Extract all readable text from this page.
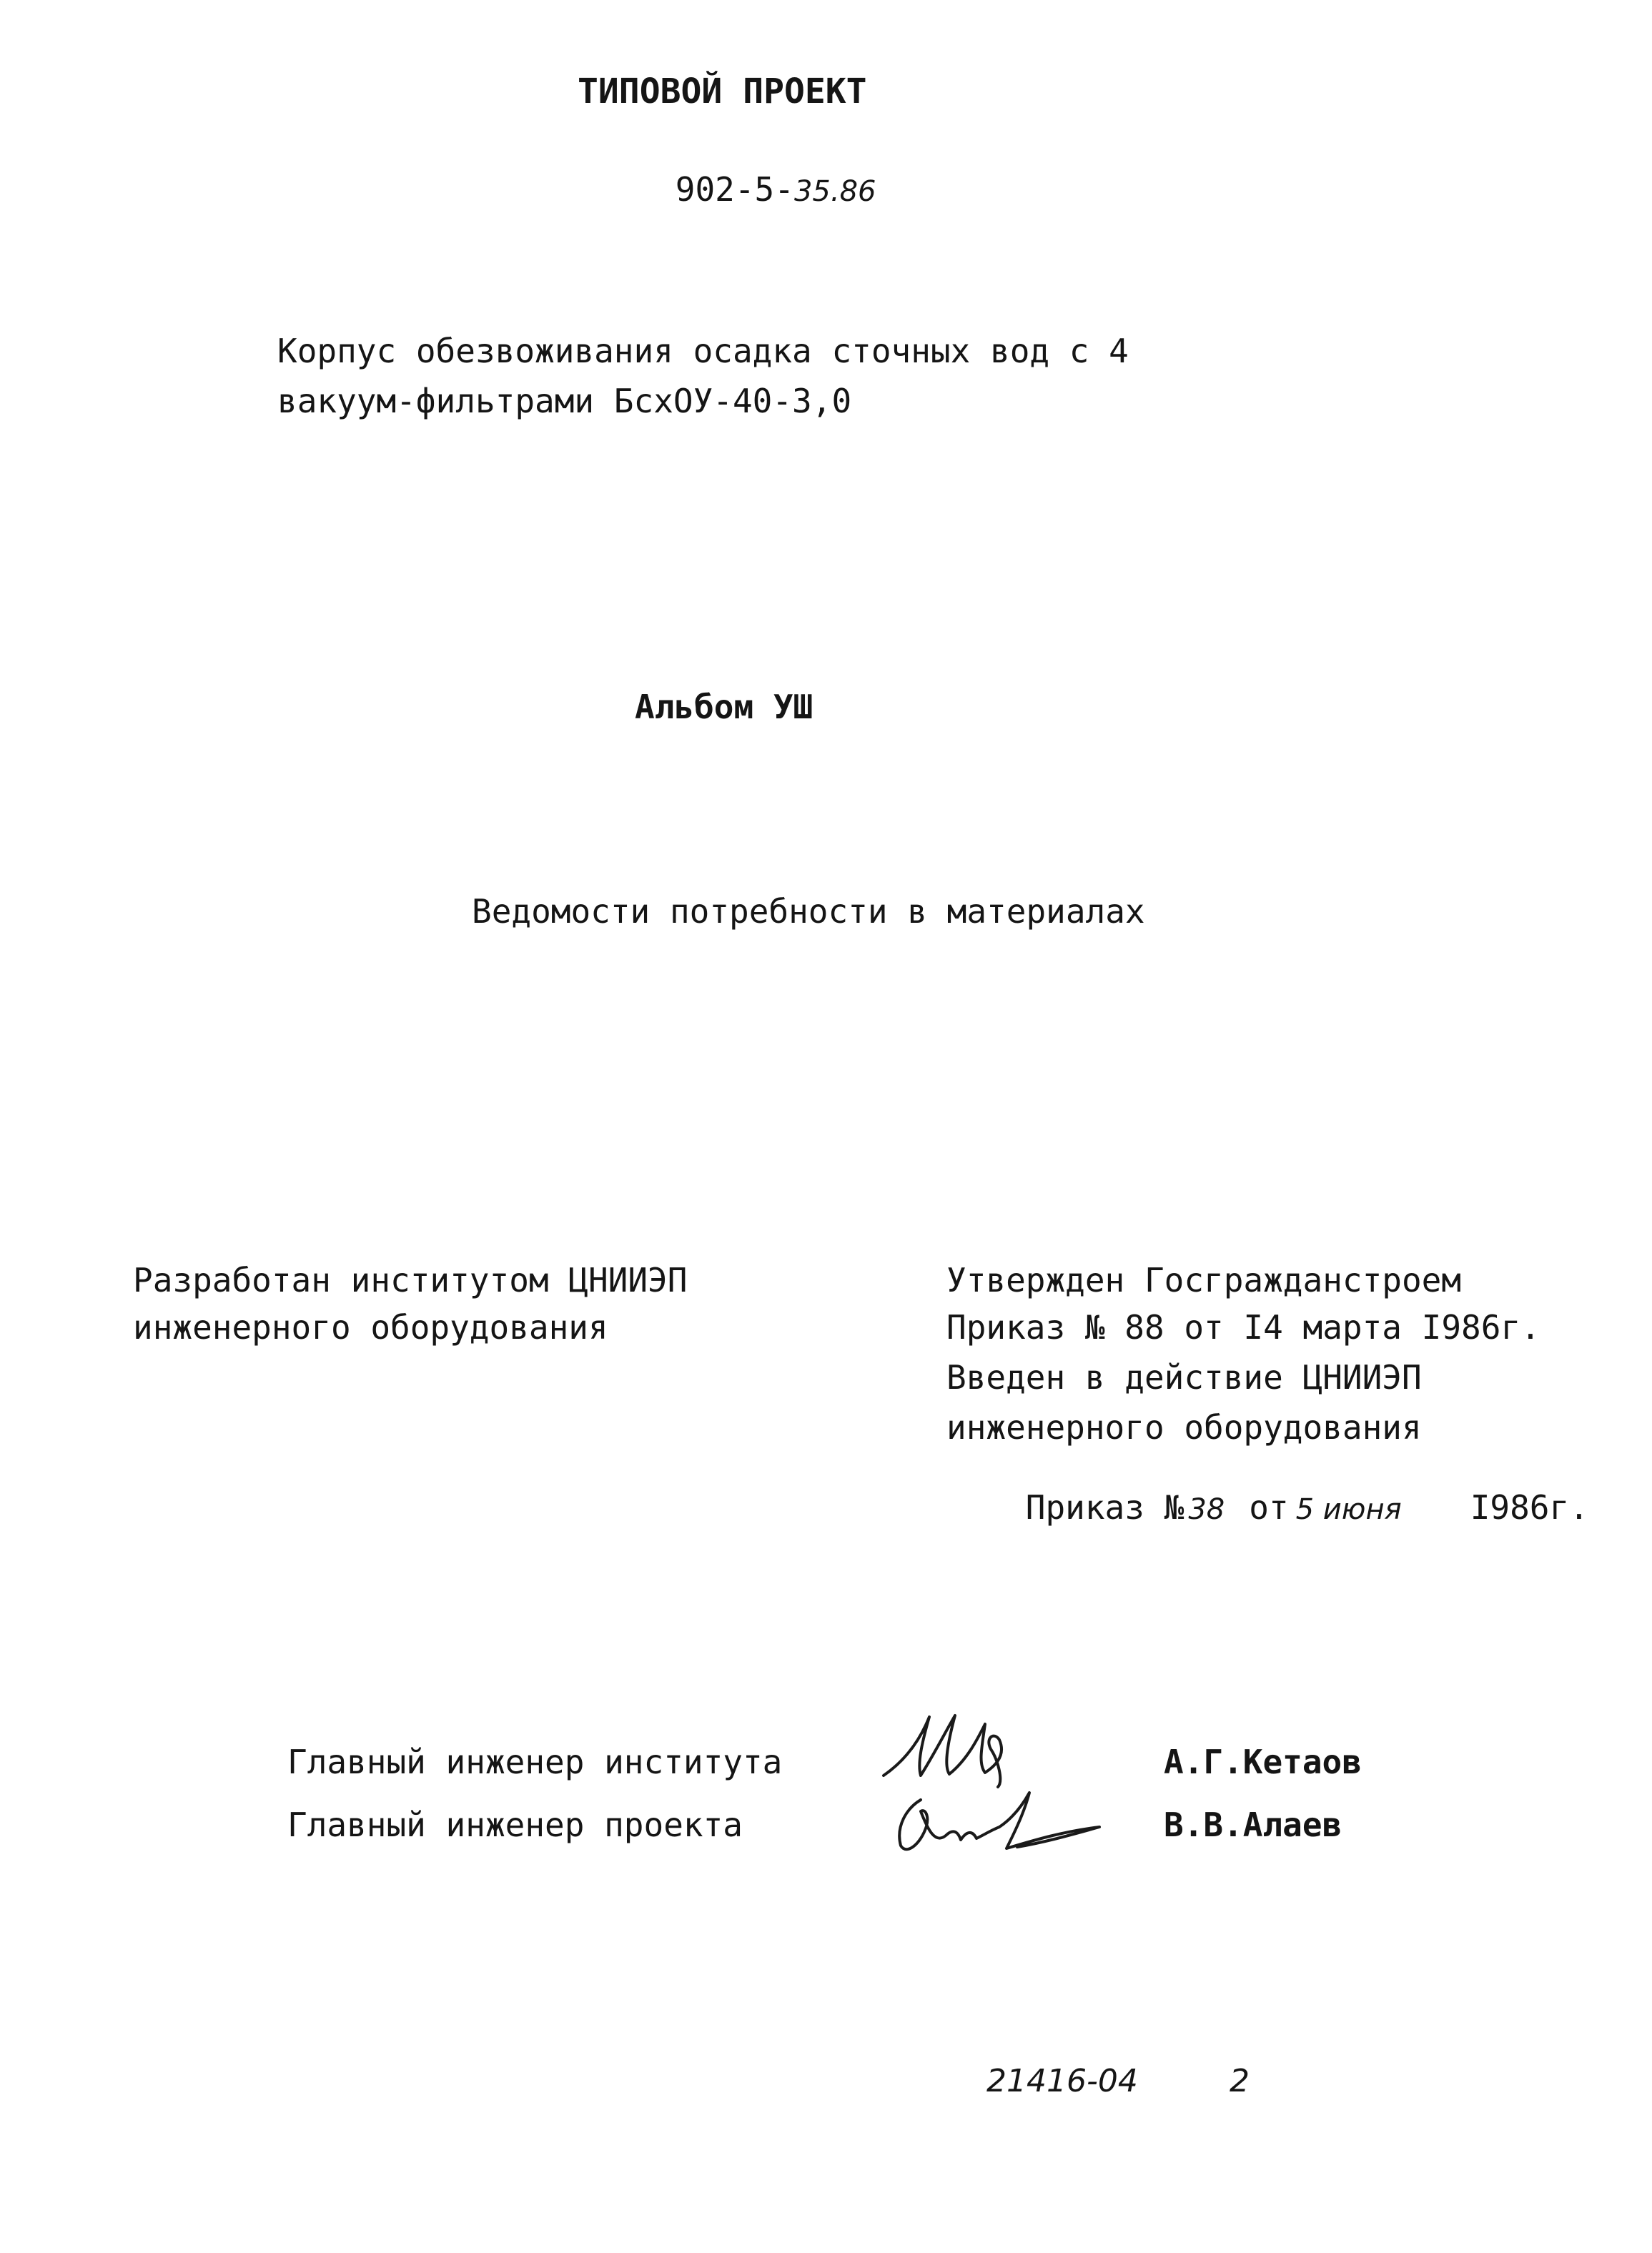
ТИПОВОЙ ПРОЕКТ

902-5-35.86

Корпус обезвоживания осадка сточных вод с 4
вакуум-фильтрами БсхОУ-40-3,0
Альбом УШ
Ведомости потребности в материалах
Разработан институтом ЦНИИЭП
инженерного оборудования
Утвержден Госгражданстроем
Приказ № 88 от I4 марта I986г.
Введен в действие ЦНИИЭП
инженерного оборудования

Приказ № 38 от 5 июня I986г.

Главный инженер института	А.Г.Кетаов
Главный инженер проекта	В.В.Алаев
21416-04	2
